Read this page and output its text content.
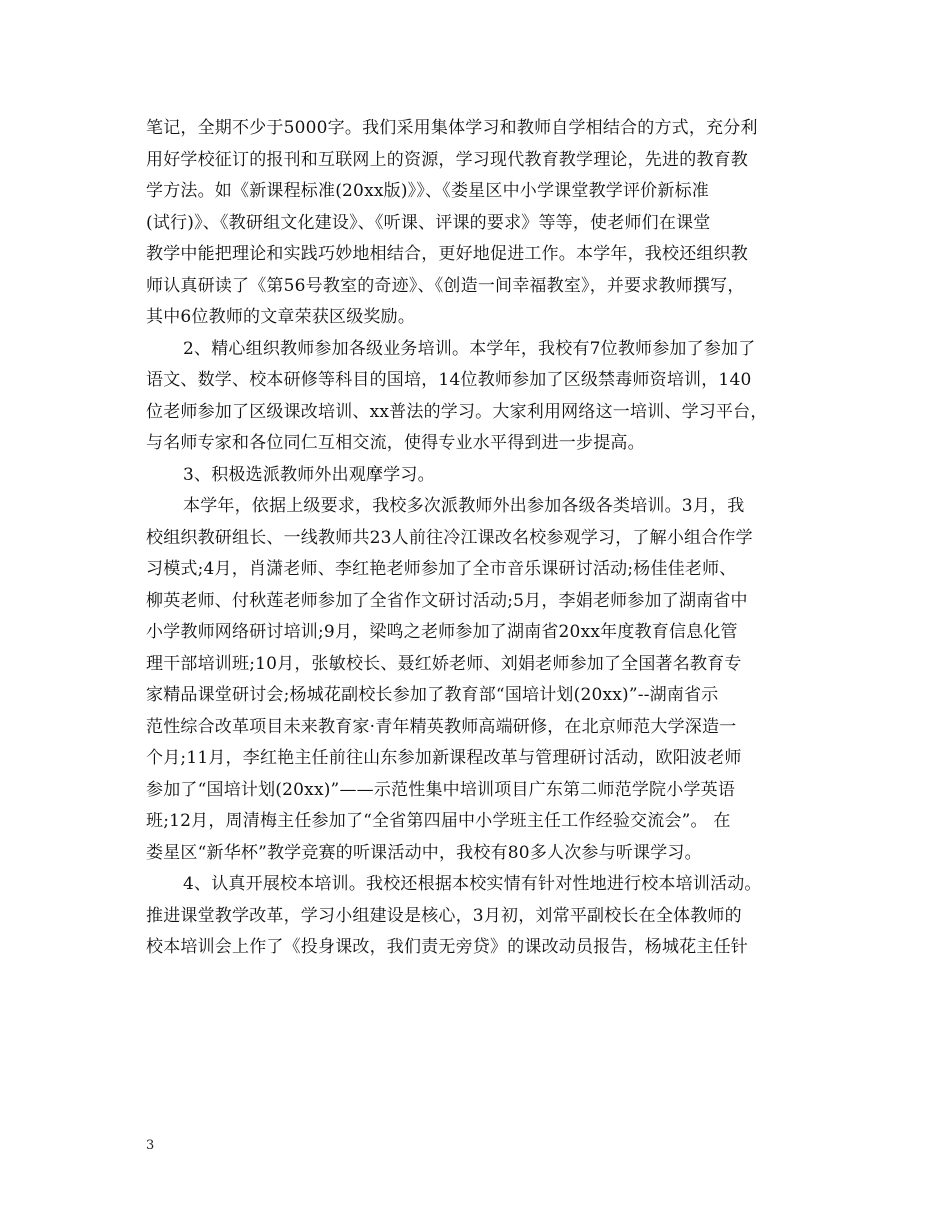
笔记，全期不少于5000字。我们采用集体学习和教师自学相结合的方式，充分利
用好学校征订的报刊和互联网上的资源，学习现代教育教学理论，先进的教育教
学方法。如《新课程标准(20xx版)》》、《娄星区中小学课堂教学评价新标准
(试行)》、《教研组文化建设》、《听课、评课的要求》等等，使老师们在课堂
教学中能把理论和实践巧妙地相结合，更好地促进工作。本学年，我校还组织教
师认真研读了《第56号教室的奇迹》、《创造一间幸福教室》，并要求教师撰写，
其中6位教师的文章荣获区级奖励。
2、精心组织教师参加各级业务培训。本学年，我校有7位教师参加了参加了
语文、数学、校本研修等科目的国培，14位教师参加了区级禁毒师资培训，140
位老师参加了区级课改培训、xx普法的学习。大家利用网络这一培训、学习平台，
与名师专家和各位同仁互相交流，使得专业水平得到进一步提高。
3、积极选派教师外出观摩学习。
本学年，依据上级要求，我校多次派教师外出参加各级各类培训。3月，我
校组织教研组长、一线教师共23人前往冷江课改名校参观学习，了解小组合作学
习模式;4月，肖潇老师、李红艳老师参加了全市音乐课研讨活动;杨佳佳老师、
柳英老师、付秋莲老师参加了全省作文研讨活动;5月，李娟老师参加了湖南省中
小学教师网络研讨培训;9月，梁鸣之老师参加了湖南省20xx年度教育信息化管
理干部培训班;10月，张敏校长、聂红娇老师、刘娟老师参加了全国著名教育专
家精品课堂研讨会;杨城花副校长参加了教育部“国培计划(20xx)”--湖南省示
范性综合改革项目未来教育家·青年精英教师高端研修，在北京师范大学深造一
个月;11月，李红艳主任前往山东参加新课程改革与管理研讨活动，欧阳波老师
参加了“国培计划(20xx)”——示范性集中培训项目广东第二师范学院小学英语
班;12月，周清梅主任参加了“全省第四届中小学班主任工作经验交流会”。 在
娄星区“新华杯”教学竞赛的听课活动中，我校有80多人次参与听课学习。
4、认真开展校本培训。我校还根据本校实情有针对性地进行校本培训活动。
推进课堂教学改革，学习小组建设是核心，3月初，刘常平副校长在全体教师的
校本培训会上作了《投身课改，我们责无旁贷》的课改动员报告，杨城花主任针
3
